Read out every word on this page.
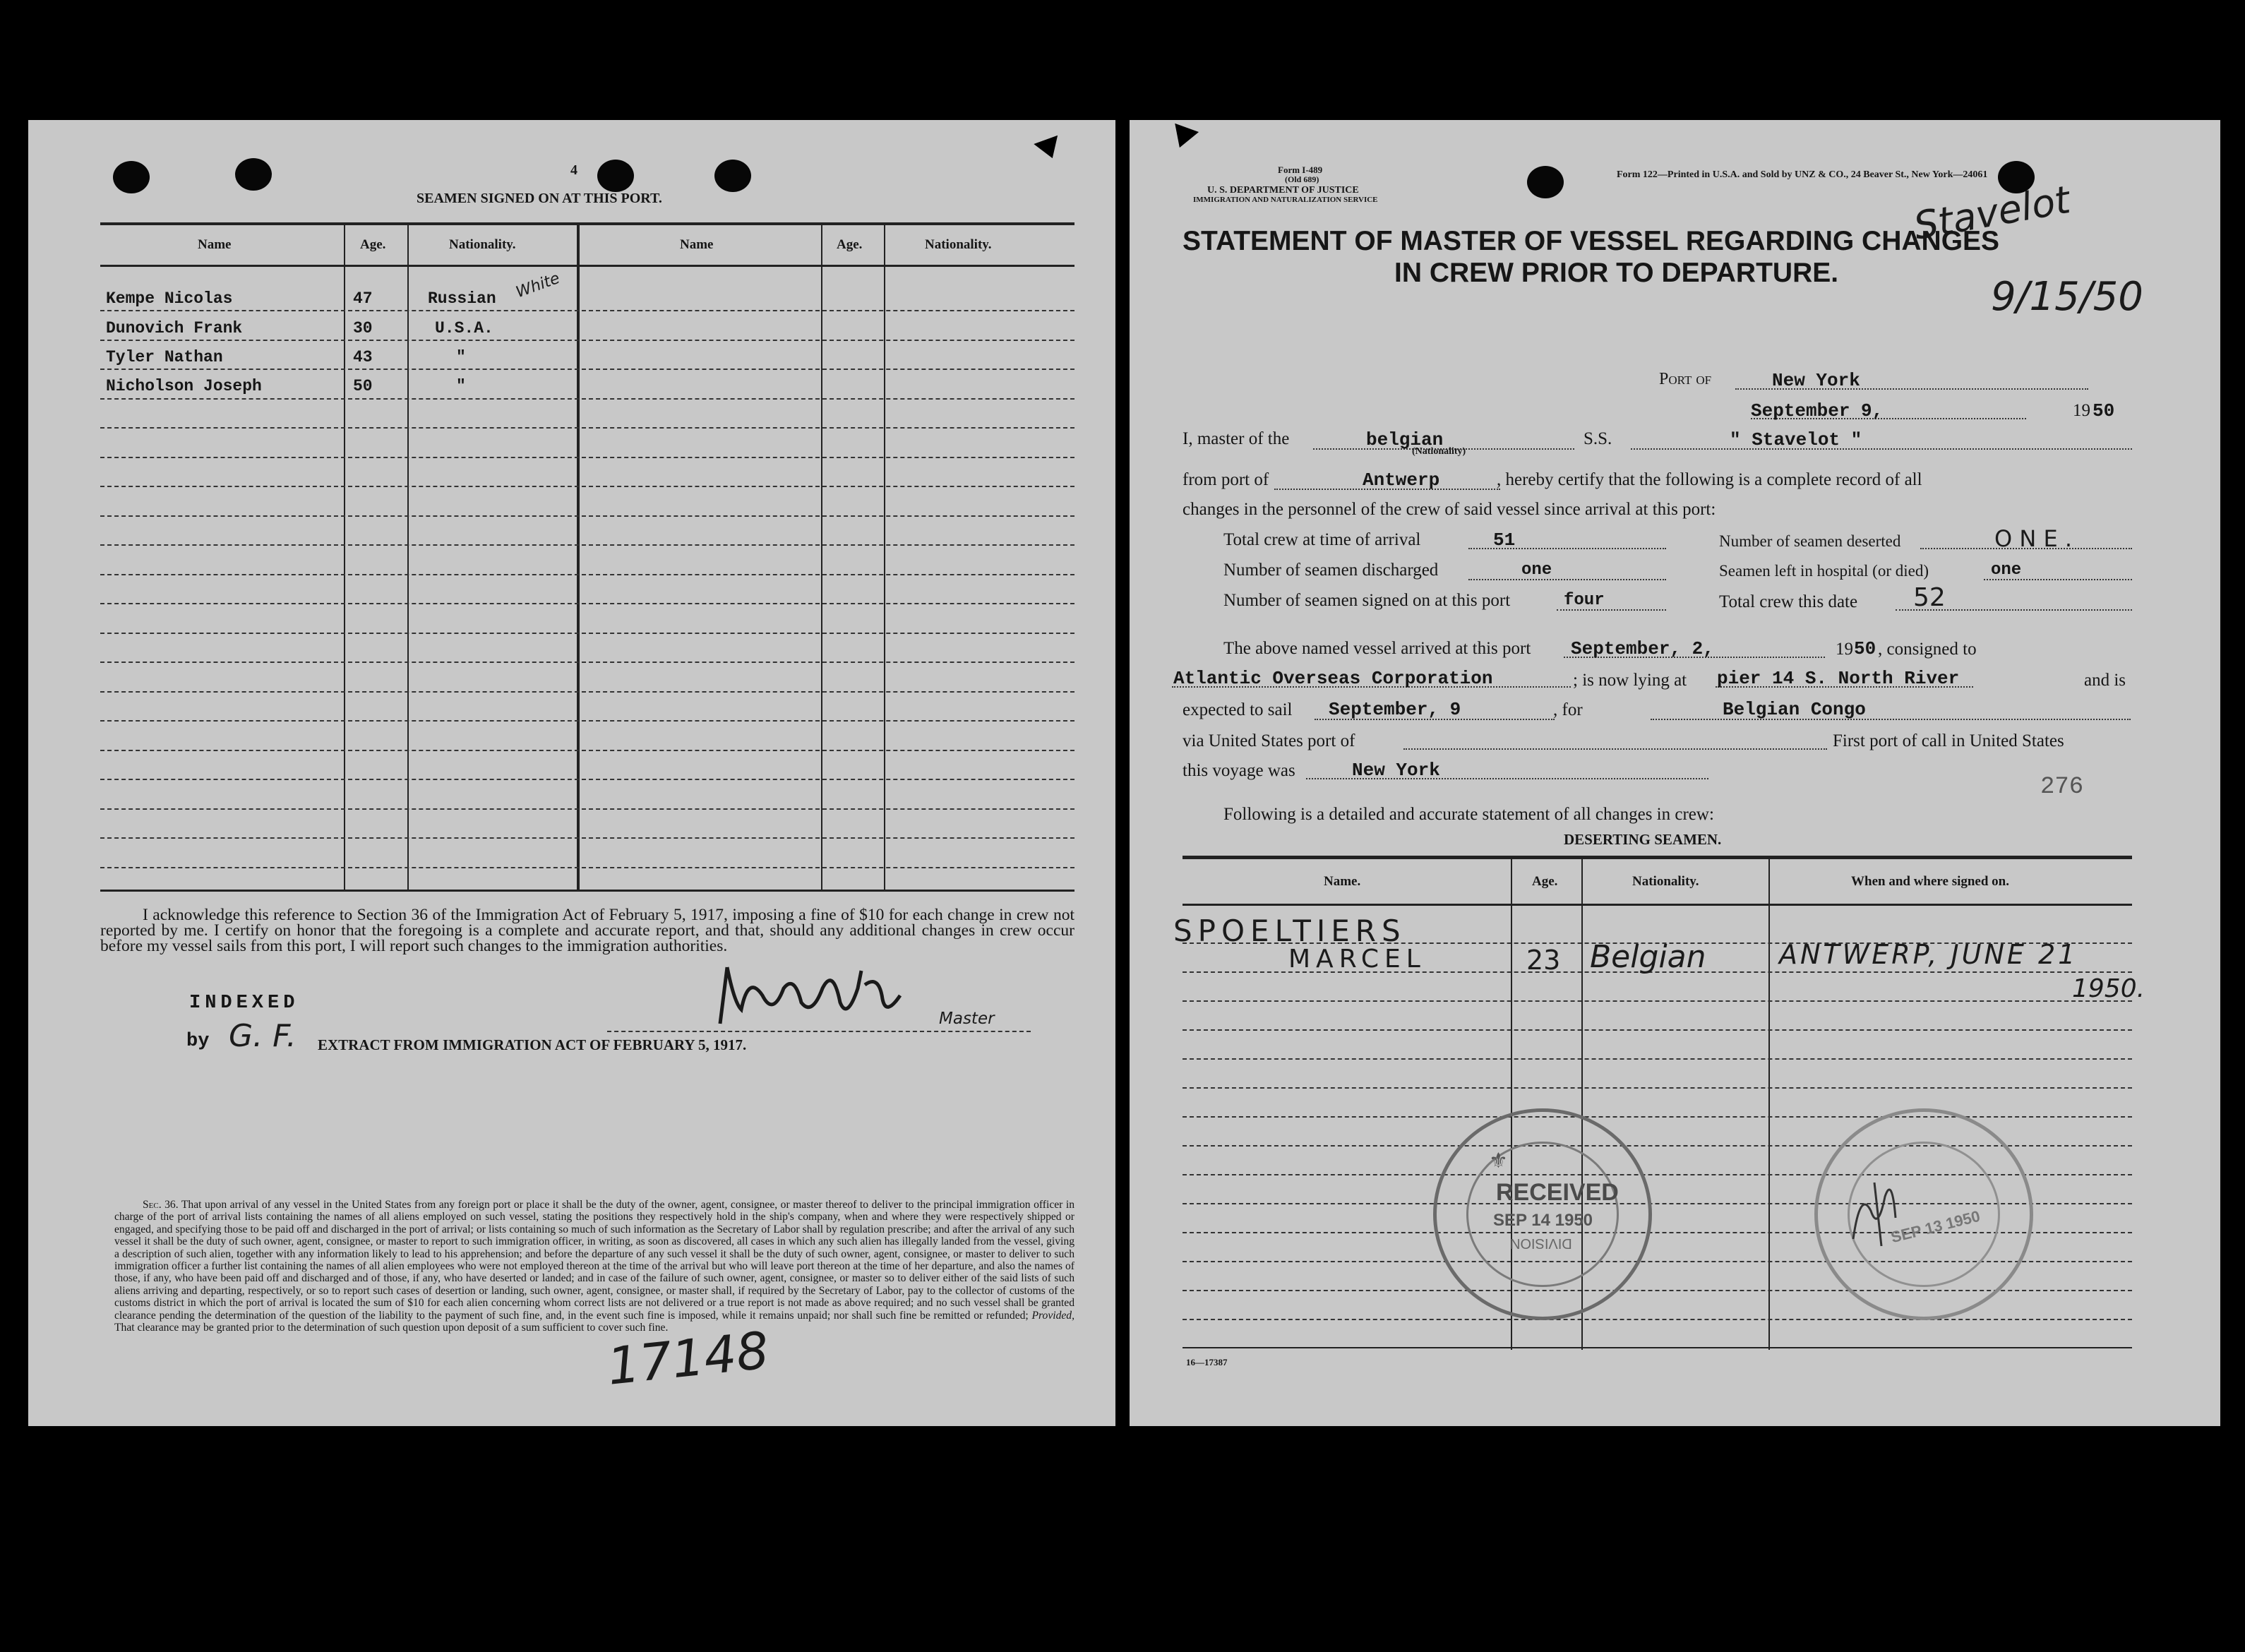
4
SEAMEN SIGNED ON AT THIS PORT.
Name	Age.	Nationality.	Name	Age.	Nationality.
Kempe Nicolas	47	Russian White
Dunovich Frank	30	U.S.A.
Tyler Nathan	43	"
Nicholson Joseph	50	"
I acknowledge this reference to Section 36 of the Immigration Act of February 5, 1917, imposing a fine of $10 for each change in crew not reported by me. I certify on honor that the foregoing is a complete and accurate report, and that, should any additional changes in crew occur before my vessel sails from this port, I will report such changes to the immigration authorities.
INDEXED
by G. F.	Master
EXTRACT FROM IMMIGRATION ACT OF FEBRUARY 5, 1917.
Sec. 36. That upon arrival of any vessel in the United States from any foreign port or place it shall be the duty of the owner, agent, consignee, or master thereof to deliver to the principal immigration officer in charge of the port of arrival lists containing the names of all aliens employed on such vessel, stating the positions they respectively hold in the ship's company, when and where they were respectively shipped or engaged, and specifying those to be paid off and discharged in the port of arrival; or lists containing so much of such information as the Secretary of Labor shall by regulation prescribe; and after the arrival of any such vessel it shall be the duty of such owner, agent, consignee, or master to report to such immigration officer, in writing, as soon as discovered, all cases in which any such alien has illegally landed from the vessel, giving a description of such alien, together with any information likely to lead to his apprehension; and before the departure of any such vessel it shall be the duty of such owner, agent, consignee, or master to deliver to such immigration officer a further list containing the names of all alien employees who were not employed thereon at the time of the arrival but who will leave port thereon at the time of her departure, and also the names of those, if any, who have been paid off and discharged and of those, if any, who have deserted or landed; and in case of the failure of such owner, agent, consignee, or master so to deliver either of the said lists of such aliens arriving and departing, respectively, or so to report such cases of desertion or landing, such owner, agent, consignee, or master shall, if required by the Secretary of Labor, pay to the collector of customs of the customs district in which the port of arrival is located the sum of $10 for each alien concerning whom correct lists are not delivered or a true report is not made as above required; and no such vessel shall be granted clearance pending the determination of the question of the liability to the payment of such fine, and, in the event such fine is imposed, while it remains unpaid; nor shall such fine be remitted or refunded; Provided, That clearance may be granted prior to the determination of such question upon deposit of a sum sufficient to cover such fine.
17148
Form I-489
(Old 689)
U. S. DEPARTMENT OF JUSTICE
IMMIGRATION AND NATURALIZATION SERVICE
Form 122—Printed in U.S.A. and Sold by UNZ & CO., 24 Beaver St., New York—24061
Stavelot
9/15/50
STATEMENT OF MASTER OF VESSEL REGARDING CHANGES
IN CREW PRIOR TO DEPARTURE.
Port of	New York
September 9,	19 50
I, master of the	belgian
(Nationality)
S.S.	" Stavelot "
from port of	Antwerp	, hereby certify that the following is a complete record of all
changes in the personnel of the crew of said vessel since arrival at this port:
Total crew at time of arrival	51	Number of seamen deserted	O N E .
Number of seamen discharged	one	Seamen left in hospital (or died)	one
Number of seamen signed on at this port	four	Total crew this date 52
The above named vessel arrived at this port September, 2,	19 50 , consigned to
Atlantic Overseas Corporation	; is now lying at pier 14 S. North River	and is
expected to sail September, 9	, for	Belgian Congo
via United States port of	First port of call in United States
this voyage was	New York
276
Following is a detailed and accurate statement of all changes in crew:
DESERTING SEAMEN.
Name.	Age.	Nationality.	When and where signed on.
SPOELTIERS
MARCEL	23 Belgian	ANTWERP, JUNE 21
1950.
⚜
RECEIVED
SEP 14 1950
DIVISION	SEP 13 1950
16—17387
